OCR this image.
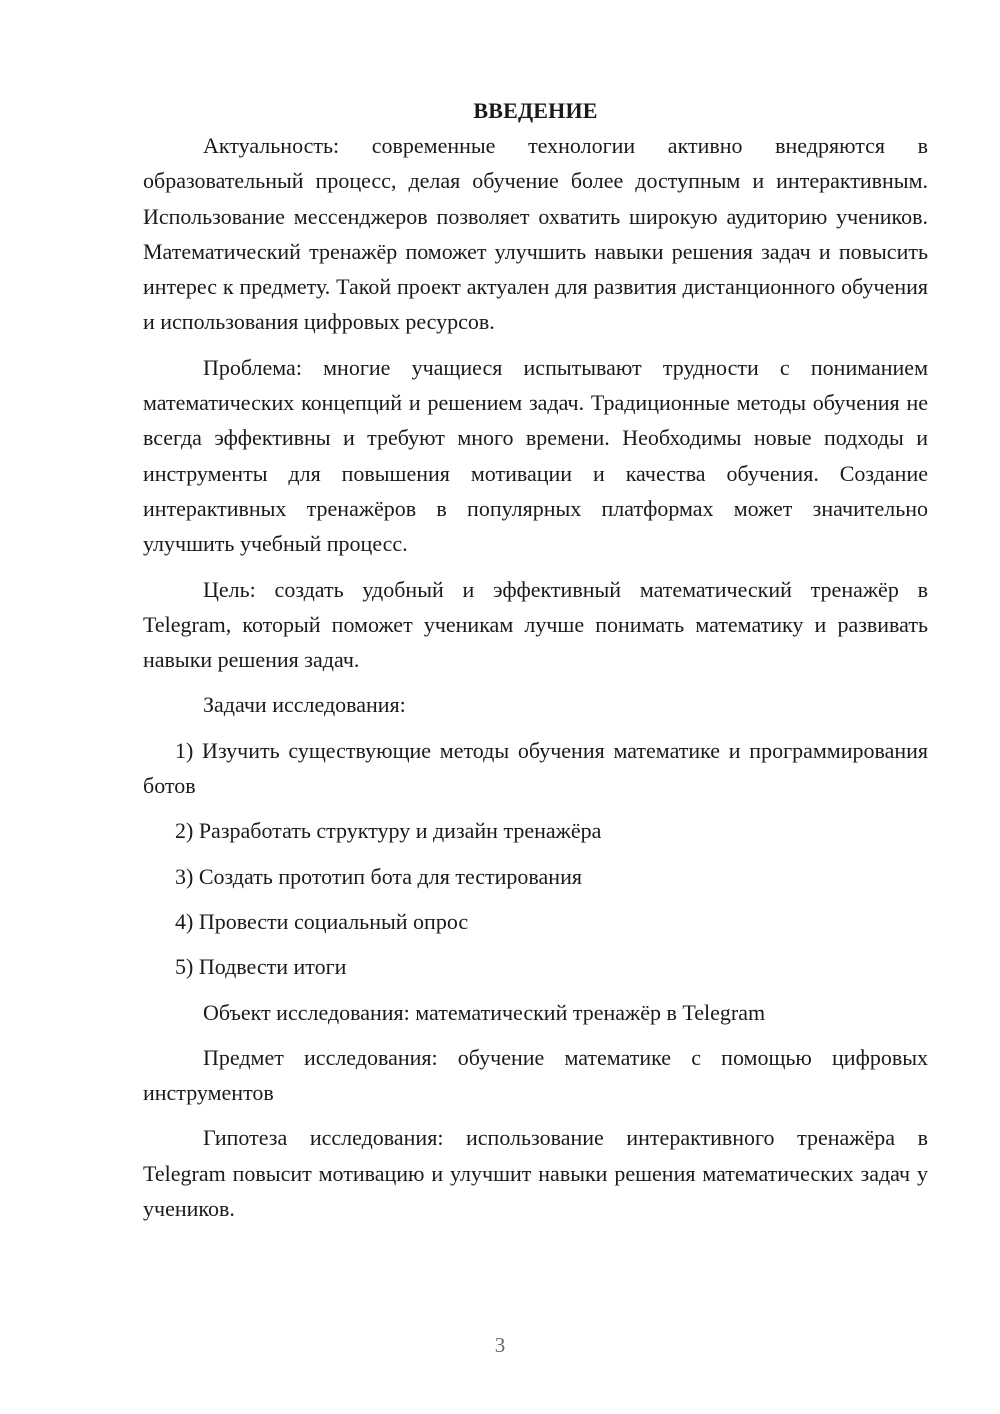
ВВЕДЕНИЕ

Актуальность: современные технологии активно внедряются в образовательный процесс, делая обучение более доступным и интерактивным. Использование мессенджеров позволяет охватить широкую аудиторию учеников. Математический тренажёр поможет улучшить навыки решения задач и повысить интерес к предмету. Такой проект актуален для развития дистанционного обучения и использования цифровых ресурсов.

Проблема: многие учащиеся испытывают трудности с пониманием математических концепций и решением задач. Традиционные методы обучения не всегда эффективны и требуют много времени. Необходимы новые подходы и инструменты для повышения мотивации и качества обучения. Создание интерактивных тренажёров в популярных платформах может значительно улучшить учебный процесс.

Цель: создать удобный и эффективный математический тренажёр в Telegram, который поможет ученикам лучше понимать математику и развивать навыки решения задач.

Задачи исследования:

1) Изучить существующие методы обучения математике и программирования ботов

2) Разработать структуру и дизайн тренажёра

3) Создать прототип бота для тестирования

4) Провести социальный опрос

5) Подвести итоги

Объект исследования: математический тренажёр в Telegram

Предмет исследования: обучение математике с помощью цифровых инструментов

Гипотеза исследования: использование интерактивного тренажёра в Telegram повысит мотивацию и улучшит навыки решения математических задач у учеников.

3
